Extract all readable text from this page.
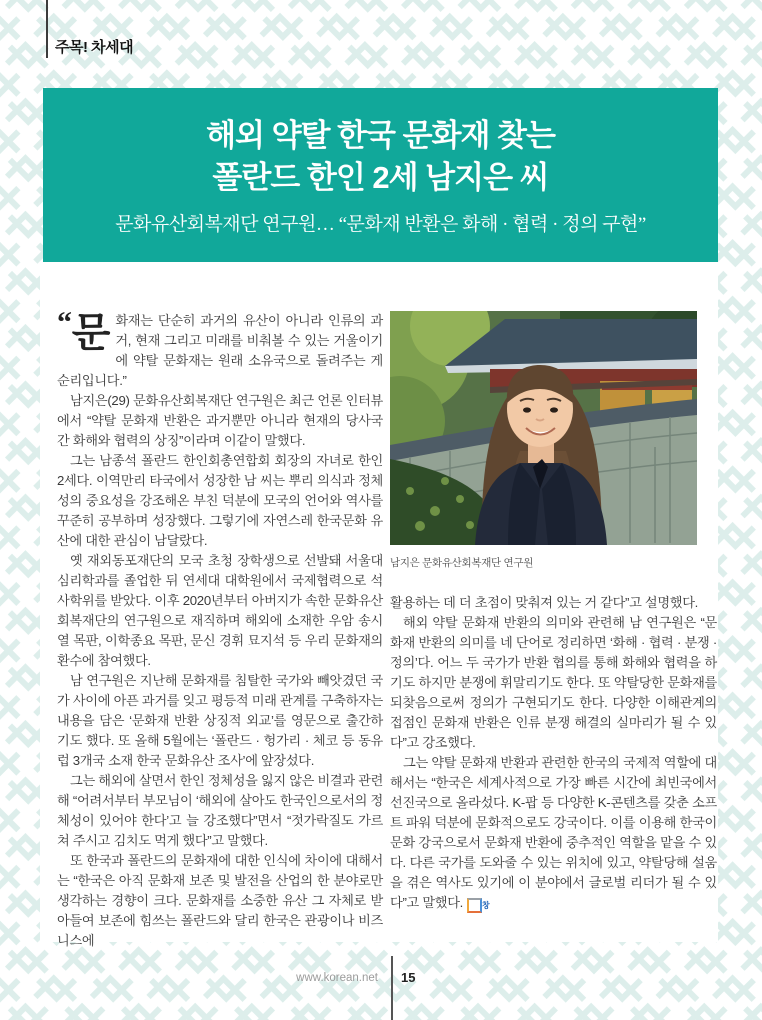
주목! 차세대
해외 약탈 한국 문화재 찾는
폴란드 한인 2세 남지은 씨
문화유산회복재단 연구원… “문화재 반환은 화해 · 협력 · 정의 구현”

“문 화재는 단순히 과거의 유산이 아니라 인류의 과거, 현재 그리고 미래를 비춰볼 수 있는 거울이기에 약탈 문화재는 원래 소유국으로 돌려주는 게 순리입니다.”

남지은(29) 문화유산회복재단 연구원은 최근 언론 인터뷰에서 “약탈 문화재 반환은 과거뿐만 아니라 현재의 당사국 간 화해와 협력의 상징”이라며 이같이 말했다.

그는 남종석 폴란드 한인회총연합회 회장의 자녀로 한인 2세다. 이역만리 타국에서 성장한 남 씨는 뿌리 의식과 정체성의 중요성을 강조해온 부친 덕분에 모국의 언어와 역사를 꾸준히 공부하며 성장했다. 그렇기에 자연스레 한국문화 유산에 대한 관심이 남달랐다.

옛 재외동포재단의 모국 초청 장학생으로 선발돼 서울대 심리학과를 졸업한 뒤 연세대 대학원에서 국제협력으로 석사학위를 받았다. 이후 2020년부터 아버지가 속한 문화유산회복재단의 연구원으로 재직하며 해외에 소재한 우암 송시열 목판, 이학종요 목판, 문신 경휘 묘지석 등 우리 문화재의 환수에 참여했다.

남 연구원은 지난해 문화재를 침탈한 국가와 빼앗겼던 국가 사이에 아픈 과거를 잊고 평등적 미래 관계를 구축하자는 내용을 담은 ‘문화재 반환 상징적 외교’를 영문으로 출간하기도 했다. 또 올해 5월에는 ‘폴란드 · 헝가리 · 체코 등 동유럽 3개국 소재 한국 문화유산 조사’에 앞장섰다.

그는 해외에 살면서 한인 정체성을 잃지 않은 비결과 관련해 “어려서부터 부모님이 ‘해외에 살아도 한국인으로서의 정체성이 있어야 한다’고 늘 강조했다”면서 “젓가락질도 가르쳐 주시고 김치도 먹게 했다”고 말했다.

또 한국과 폴란드의 문화재에 대한 인식에 차이에 대해서는 “한국은 아직 문화재 보존 및 발전을 산업의 한 분야로만 생각하는 경향이 크다. 문화재를 소중한 유산 그 자체로 받아들여 보존에 힘쓰는 폴란드와 달리 한국은 관광이나 비즈니스에

남지은 문화유산회복재단 연구원

활용하는 데 더 초점이 맞춰져 있는 거 같다”고 설명했다.

해외 약탈 문화재 반환의 의미와 관련해 남 연구원은 “문화재 반환의 의미를 네 단어로 정리하면 ‘화해 · 협력 · 분쟁 · 정의’다. 어느 두 국가가 반환 협의를 통해 화해와 협력을 하기도 하지만 분쟁에 휘말리기도 한다. 또 약탈당한 문화재를 되찾음으로써 정의가 구현되기도 한다. 다양한 이해관계의 접점인 문화재 반환은 인류 분쟁 해결의 실마리가 될 수 있다”고 강조했다.

그는 약탈 문화재 반환과 관련한 한국의 국제적 역할에 대해서는 “한국은 세계사적으로 가장 빠른 시간에 최빈국에서 선진국으로 올라섰다. K-팝 등 다양한 K-콘텐츠를 갖춘 소프트 파워 덕분에 문화적으로도 강국이다. 이를 이용해 한국이 문화 강국으로서 문화재 반환에 중추적인 역할을 맡을 수 있다. 다른 국가를 도와줄 수 있는 위치에 있고, 약탈당해 설움을 겪은 역사도 있기에 이 분야에서 글로벌 리더가 될 수 있다”고 말했다. 창

www.korean.net 15
